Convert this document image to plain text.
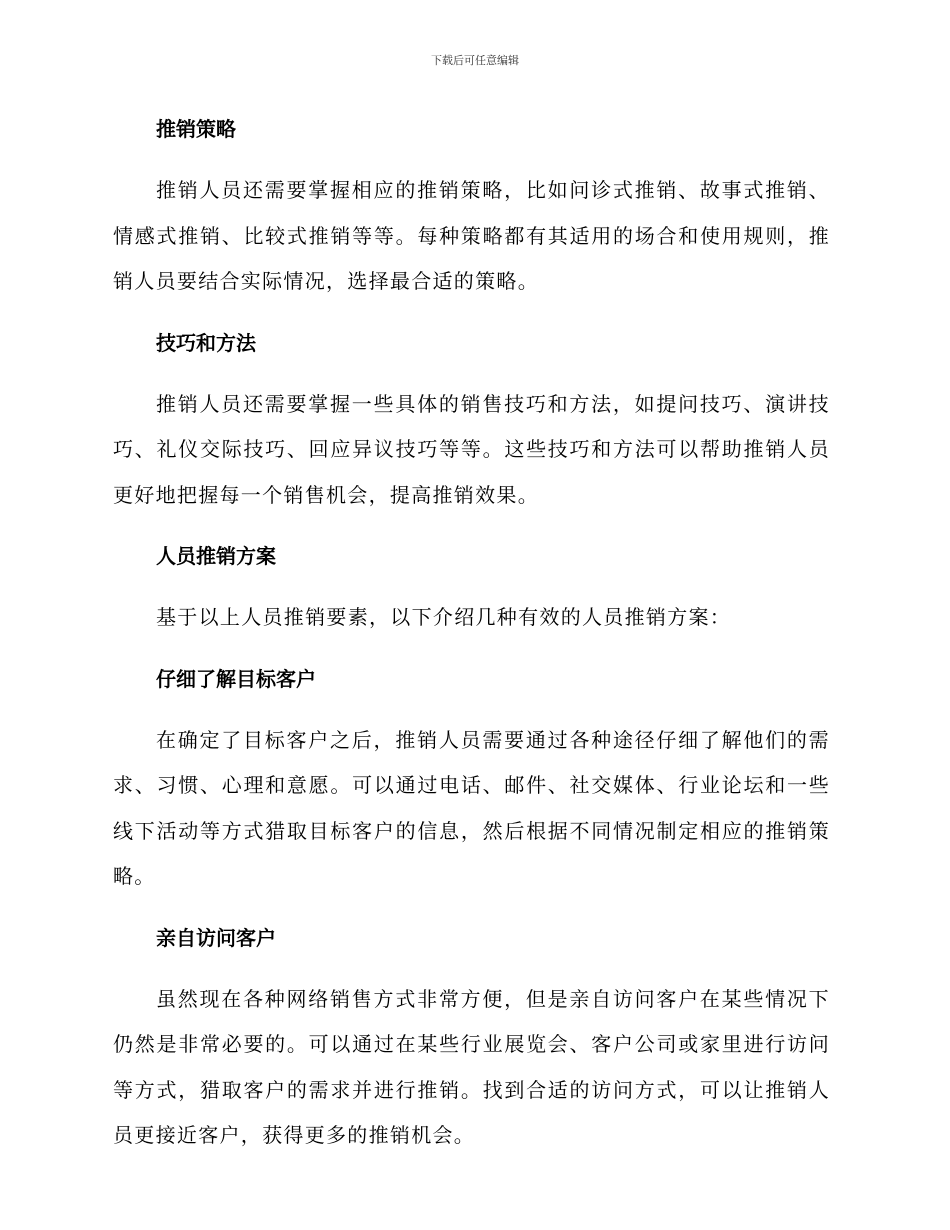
下载后可任意编辑
推销策略

推销人员还需要掌握相应的推销策略，比如问诊式推销、故事式推销、情感式推销、比较式推销等等。每种策略都有其适用的场合和使用规则，推销人员要结合实际情况，选择最合适的策略。

技巧和方法

推销人员还需要掌握一些具体的销售技巧和方法，如提问技巧、演讲技巧、礼仪交际技巧、回应异议技巧等等。这些技巧和方法可以帮助推销人员更好地把握每一个销售机会，提高推销效果。

人员推销方案

基于以上人员推销要素，以下介绍几种有效的人员推销方案：

仔细了解目标客户

在确定了目标客户之后，推销人员需要通过各种途径仔细了解他们的需求、习惯、心理和意愿。可以通过电话、邮件、社交媒体、行业论坛和一些线下活动等方式猎取目标客户的信息，然后根据不同情况制定相应的推销策略。

亲自访问客户

虽然现在各种网络销售方式非常方便，但是亲自访问客户在某些情况下仍然是非常必要的。可以通过在某些行业展览会、客户公司或家里进行访问等方式，猎取客户的需求并进行推销。找到合适的访问方式，可以让推销人员更接近客户，获得更多的推销机会。
